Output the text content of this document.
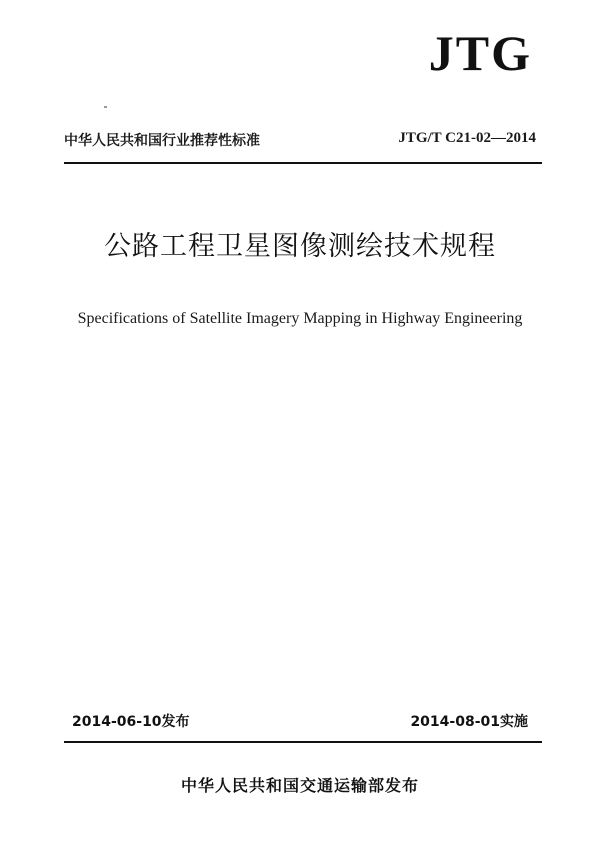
JTG
中华人民共和国行业推荐性标准	JTG/T C21-02—2014
公路工程卫星图像测绘技术规程
Specifications of Satellite Imagery Mapping in Highway Engineering
2014-06-10发布	2014-08-01实施
中华人民共和国交通运输部发布
